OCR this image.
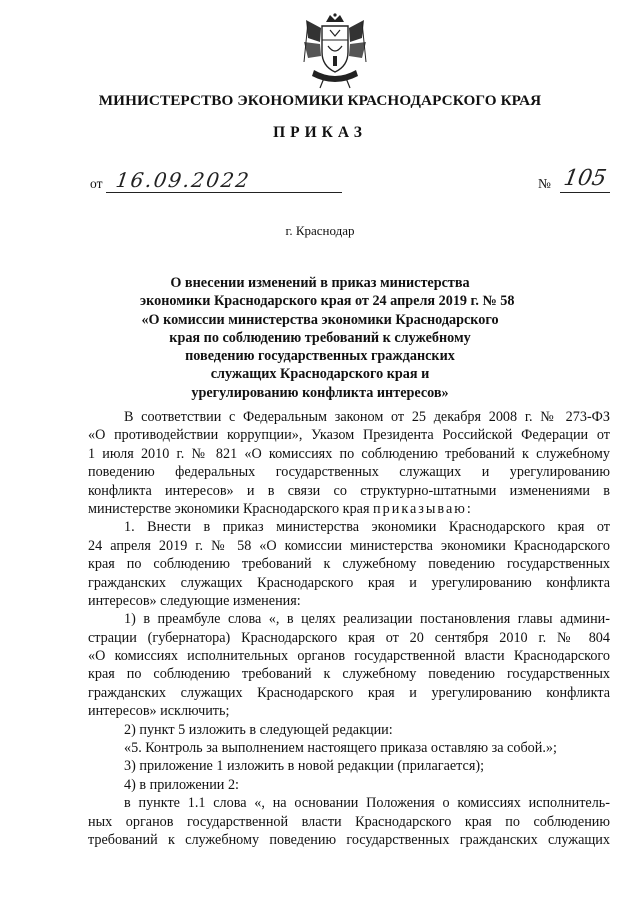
МИНИСТЕРСТВО ЭКОНОМИКИ КРАСНОДАРСКОГО КРАЯ
ПРИКАЗ
от 16.09.2022	№ 105
г. Краснодар
О внесении изменений в приказ министерства
экономики Краснодарского края от 24 апреля 2019 г. № 58
«О комиссии министерства экономики Краснодарского
края по соблюдению требований к служебному
поведению государственных гражданских
служащих Краснодарского края и
урегулированию конфликта интересов»
В соответствии с Федеральным законом от 25 декабря 2008 г. № 273-ФЗ
«О противодействии коррупции», Указом Президента Российской Федерации от
1 июля 2010 г. № 821 «О комиссиях по соблюдению требований к служебному
поведению федеральных государственных служащих и урегулированию
конфликта интересов» и в связи со структурно-штатными изменениями в
министерстве экономики Краснодарского края приказываю:
1. Внести в приказ министерства экономики Краснодарского края от
24 апреля 2019 г. № 58 «О комиссии министерства экономики Краснодарского
края по соблюдению требований к служебному поведению государственных
гражданских служащих Краснодарского края и урегулированию конфликта
интересов» следующие изменения:
1) в преамбуле слова «, в целях реализации постановления главы админи-
страции (губернатора) Краснодарского края от 20 сентября 2010 г. № 804
«О комиссиях исполнительных органов государственной власти Краснодарского
края по соблюдению требований к служебному поведению государственных
гражданских служащих Краснодарского края и урегулированию конфликта
интересов» исключить;
2) пункт 5 изложить в следующей редакции:
«5. Контроль за выполнением настоящего приказа оставляю за собой.»;
3) приложение 1 изложить в новой редакции (прилагается);
4) в приложении 2:
в пункте 1.1 слова «, на основании Положения о комиссиях исполнитель-
ных органов государственной власти Краснодарского края по соблюдению
требований к служебному поведению государственных гражданских служащих
